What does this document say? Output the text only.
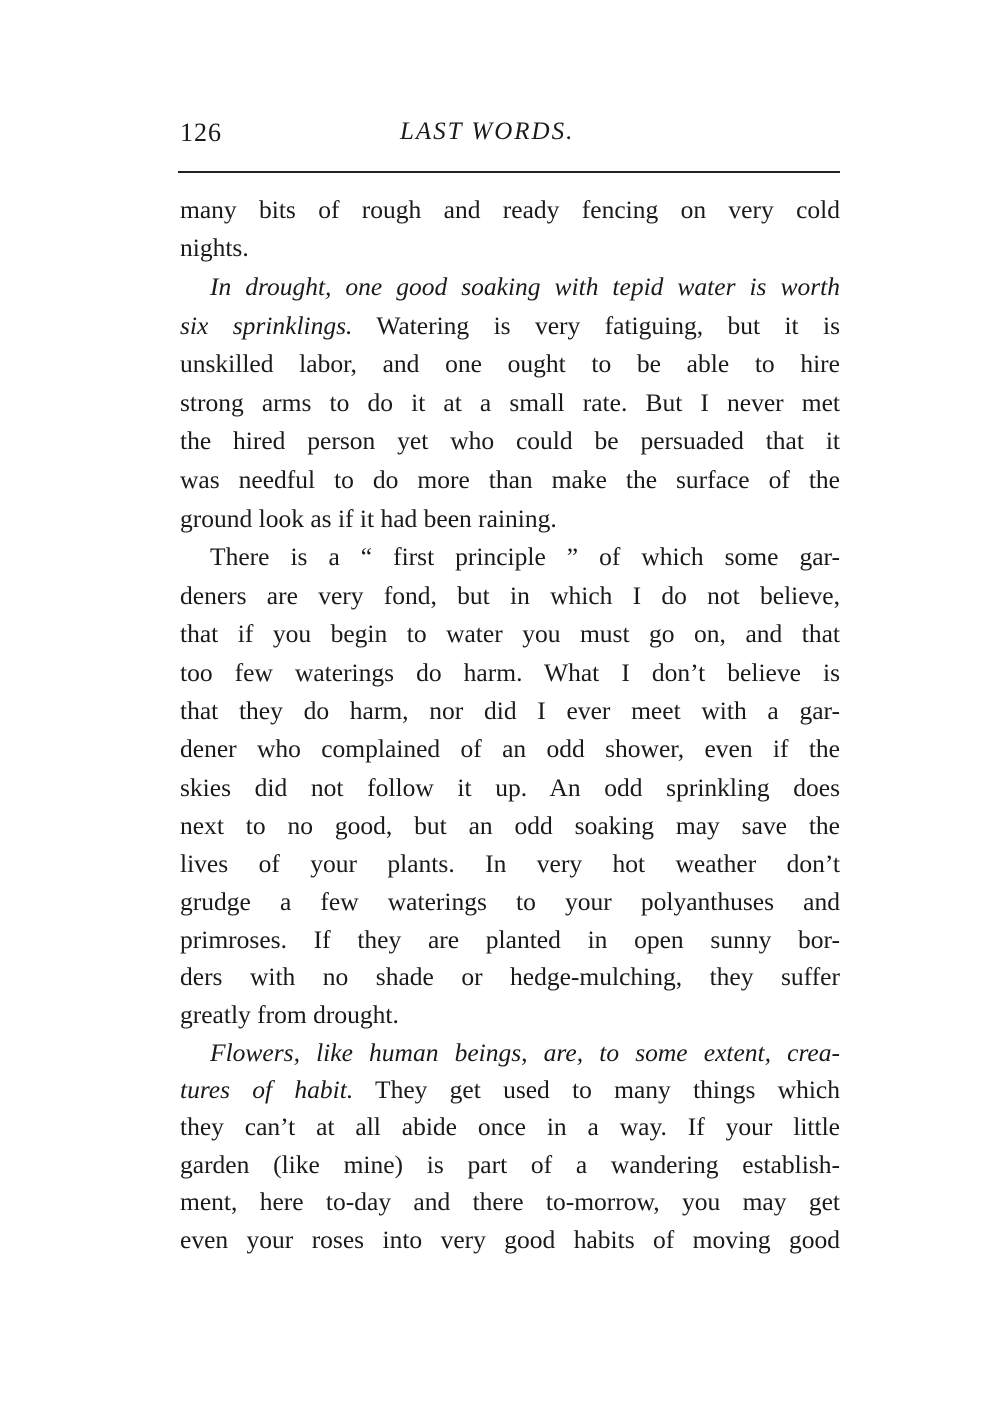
126	LAST WORDS.
many bits of rough and ready fencing on very cold
nights.
In drought, one good soaking with tepid water is worth
six sprinklings. Watering is very fatiguing, but it is
unskilled labor, and one ought to be able to hire
strong arms to do it at a small rate. But I never met
the hired person yet who could be persuaded that it
was needful to do more than make the surface of the
ground look as if it had been raining.
There is a “ first principle ” of which some gar-
deners are very fond, but in which I do not believe,
that if you begin to water you must go on, and that
too few waterings do harm. What I don’t believe is
that they do harm, nor did I ever meet with a gar-
dener who complained of an odd shower, even if the
skies did not follow it up. An odd sprinkling does
next to no good, but an odd soaking may save the
lives of your plants. In very hot weather don’t
grudge a few waterings to your polyanthuses and
primroses. If they are planted in open sunny bor-
ders with no shade or hedge-mulching, they suffer
greatly from drought.
Flowers, like human beings, are, to some extent, crea-
tures of habit. They get used to many things which
they can’t at all abide once in a way. If your little
garden (like mine) is part of a wandering establish-
ment, here to-day and there to-morrow, you may get
even your roses into very good habits of moving good
